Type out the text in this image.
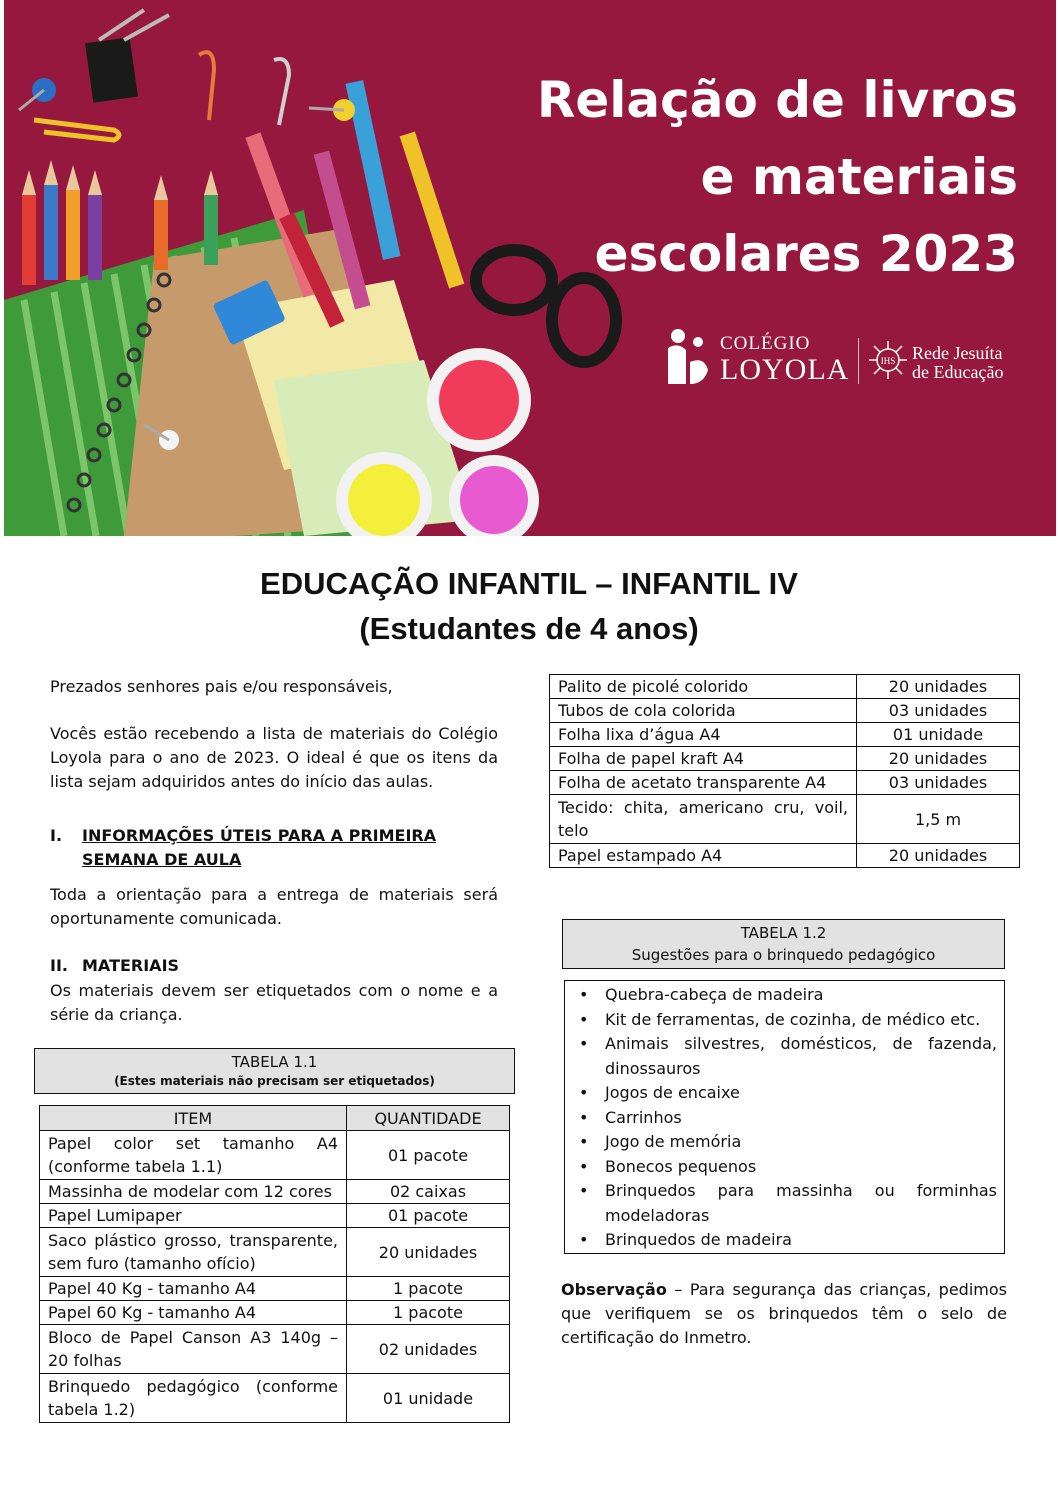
Relação de livros
e materiais
escolares 2023
COLÉGIO
LOYOLA	IHS Rede Jesuíta
de Educação
EDUCAÇÃO INFANTIL – INFANTIL IV
(Estudantes de 4 anos)
Prezados senhores pais e/ou responsáveis,
Vocês estão recebendo a lista de materiais do Colégio Loyola para o ano de 2023. O ideal é que os itens da lista sejam adquiridos antes do início das aulas.
I. INFORMAÇÕES ÚTEIS PARA A PRIMEIRA SEMANA DE AULA
Toda a orientação para a entrega de materiais será oportunamente comunicada.
II. MATERIAIS
Os materiais devem ser etiquetados com o nome e a série da criança.
TABELA 1.1
(Estes materiais não precisam ser etiquetados)
ITEM	QUANTIDADE
Papel color set tamanho A4 (conforme tabela 1.1)	01 pacote
Massinha de modelar com 12 cores	02 caixas
Papel Lumipaper	01 pacote
Saco plástico grosso, transparente, sem furo (tamanho ofício)	20 unidades
Papel 40 Kg - tamanho A4	1 pacote
Papel 60 Kg - tamanho A4	1 pacote
Bloco de Papel Canson A3 140g – 20 folhas	02 unidades
Brinquedo pedagógico (conforme tabela 1.2)	01 unidade
Palito de picolé colorido	20 unidades
Tubos de cola colorida	03 unidades
Folha lixa d’água A4	01 unidade
Folha de papel kraft A4	20 unidades
Folha de acetato transparente A4	03 unidades
Tecido: chita, americano cru, voil, telo	1,5 m
Papel estampado A4	20 unidades
TABELA 1.2
Sugestões para o brinquedo pedagógico
• Quebra-cabeça de madeira
• Kit de ferramentas, de cozinha, de médico etc.
• Animais silvestres, domésticos, de fazenda, dinossauros
• Jogos de encaixe
• Carrinhos
• Jogo de memória
• Bonecos pequenos
• Brinquedos para massinha ou forminhas modeladoras
• Brinquedos de madeira
Observação – Para segurança das crianças, pedimos que verifiquem se os brinquedos têm o selo de certificação do Inmetro.
